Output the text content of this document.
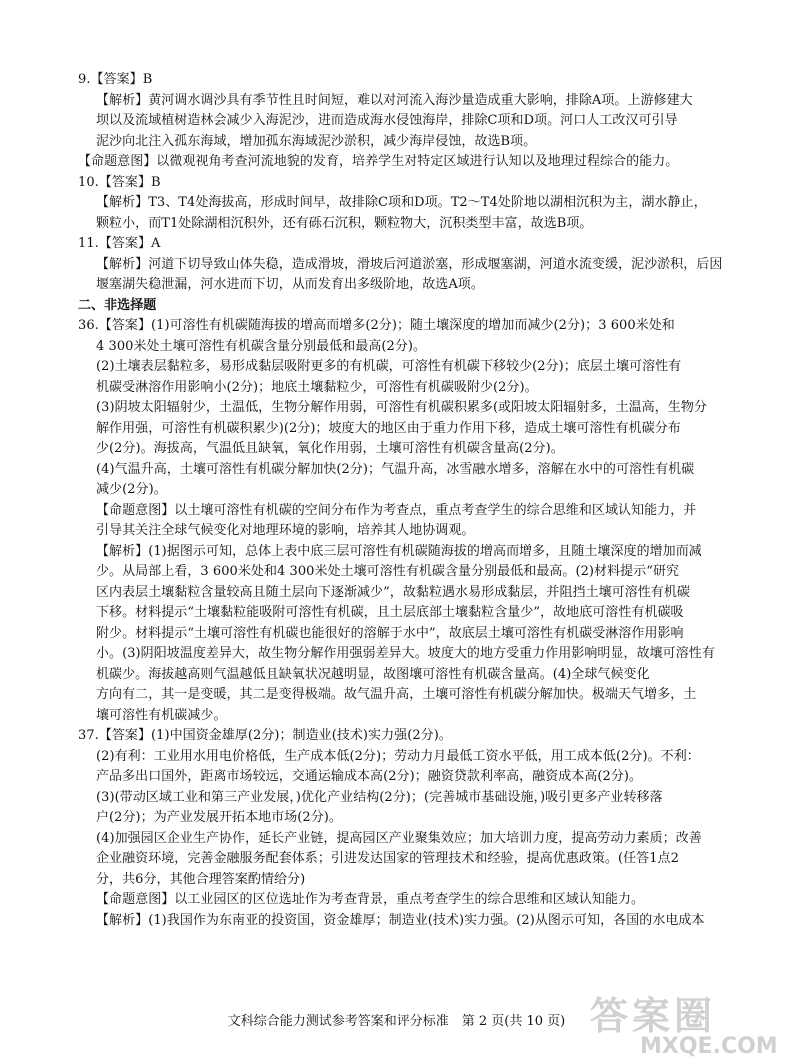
9.【答案】B
【解析】黄河调水调沙具有季节性且时间短，难以对河流入海沙量造成重大影响，排除A项。上游修建大
坝以及流域植树造林会减少入海泥沙，进而造成海水侵蚀海岸，排除C项和D项。河口人工改汉可引导
泥沙向北注入孤东海域，增加孤东海域泥沙淤积，减少海岸侵蚀，故选B项。
【命题意图】以微观视角考查河流地貌的发育，培养学生对特定区域进行认知以及地理过程综合的能力。
10.【答案】B
【解析】T3、T4处海拔高，形成时间早，故排除C项和D项。T2～T4处阶地以湖相沉积为主，湖水静止，
颗粒小，而T1处除湖相沉积外，还有砾石沉积，颗粒物大，沉积类型丰富，故选B项。
11.【答案】A
【解析】河道下切导致山体失稳，造成滑坡，滑坡后河道淤塞，形成堰塞湖，河道水流变缓，泥沙淤积，后因
堰塞湖失稳泄漏，河水进而下切，从而发育出多级阶地，故选A项。
二、非选择题
36.【答案】(1)可溶性有机碳随海拔的增高而增多(2分)；随土壤深度的增加而减少(2分)；3 600米处和
4 300米处土壤可溶性有机碳含量分别最低和最高(2分)。
(2)土壤表层黏粒多，易形成黏层吸附更多的有机碳，可溶性有机碳下移较少(2分)；底层土壤可溶性有
机碳受淋溶作用影响小(2分)；地底土壤黏粒少，可溶性有机碳吸附少(2分)。
(3)阴坡太阳辐射少，土温低，生物分解作用弱，可溶性有机碳积累多(或阳坡太阳辐射多，土温高，生物分
解作用强，可溶性有机碳积累少)(2分)；坡度大的地区由于重力作用下移，造成土壤可溶性有机碳分布
少(2分)。海拔高，气温低且缺氧，氧化作用弱，土壤可溶性有机碳含量高(2分)。
(4)气温升高，土壤可溶性有机碳分解加快(2分)；气温升高，冰雪融水增多，溶解在水中的可溶性有机碳
减少(2分)。
【命题意图】以土壤可溶性有机碳的空间分布作为考查点，重点考查学生的综合思维和区域认知能力，并
引导其关注全球气候变化对地理环境的影响，培养其人地协调观。
【解析】(1)据图示可知，总体上表中底三层可溶性有机碳随海拔的增高而增多，且随土壤深度的增加而减
少。从局部上看，3 600米处和4 300米处土壤可溶性有机碳含量分别最低和最高。(2)材料提示“研究
区内表层土壤黏粒含量较高且随土层向下逐渐减少”，故黏粒遇水易形成黏层，并阻挡土壤可溶性有机碳
下移。材料提示“土壤黏粒能吸附可溶性有机碳，且土层底部土壤黏粒含量少”，故地底可溶性有机碳吸
附少。材料提示“土壤可溶性有机碳也能很好的溶解于水中”，故底层土壤可溶性有机碳受淋溶作用影响
小。(3)阴阳坡温度差异大，故生物分解作用强弱差异大。坡度大的地方受重力作用影响明显，故壤可溶性有
机碳少。海拔越高则气温越低且缺氧状况越明显，故图壤可溶性有机碳含量高。(4)全球气候变化
方向有二，其一是变暖，其二是变得极端。故气温升高，土壤可溶性有机碳分解加快。极端天气增多，土
壤可溶性有机碳减少。
37.【答案】(1)中国资金雄厚(2分)；制造业(技术)实力强(2分)。
(2)有利：工业用水用电价格低，生产成本低(2分)；劳动力月最低工资水平低，用工成本低(2分)。不利：
产品多出口国外，距离市场较远，交通运输成本高(2分)；融资贷款利率高，融资成本高(2分)。
(3)(带动区域工业和第三产业发展，)优化产业结构(2分)；(完善城市基础设施，)吸引更多产业转移落
户(2分)；为产业发展开拓本地市场(2分)。
(4)加强园区企业生产协作，延长产业链，提高园区产业聚集效应；加大培训力度，提高劳动力素质；改善
企业融资环境，完善金融服务配套体系；引进发达国家的管理技术和经验，提高优惠政策。(任答1点2
分，共6分，其他合理答案酌情给分)
【命题意图】以工业园区的区位选址作为考查背景，重点考查学生的综合思维和区域认知能力。
【解析】(1)我国作为东南亚的投资国，资金雄厚；制造业(技术)实力强。(2)从图示可知，各国的水电成本
文科综合能力测试参考答案和评分标准　第 2 页(共 10 页) 答案圈
MXQE.COM
